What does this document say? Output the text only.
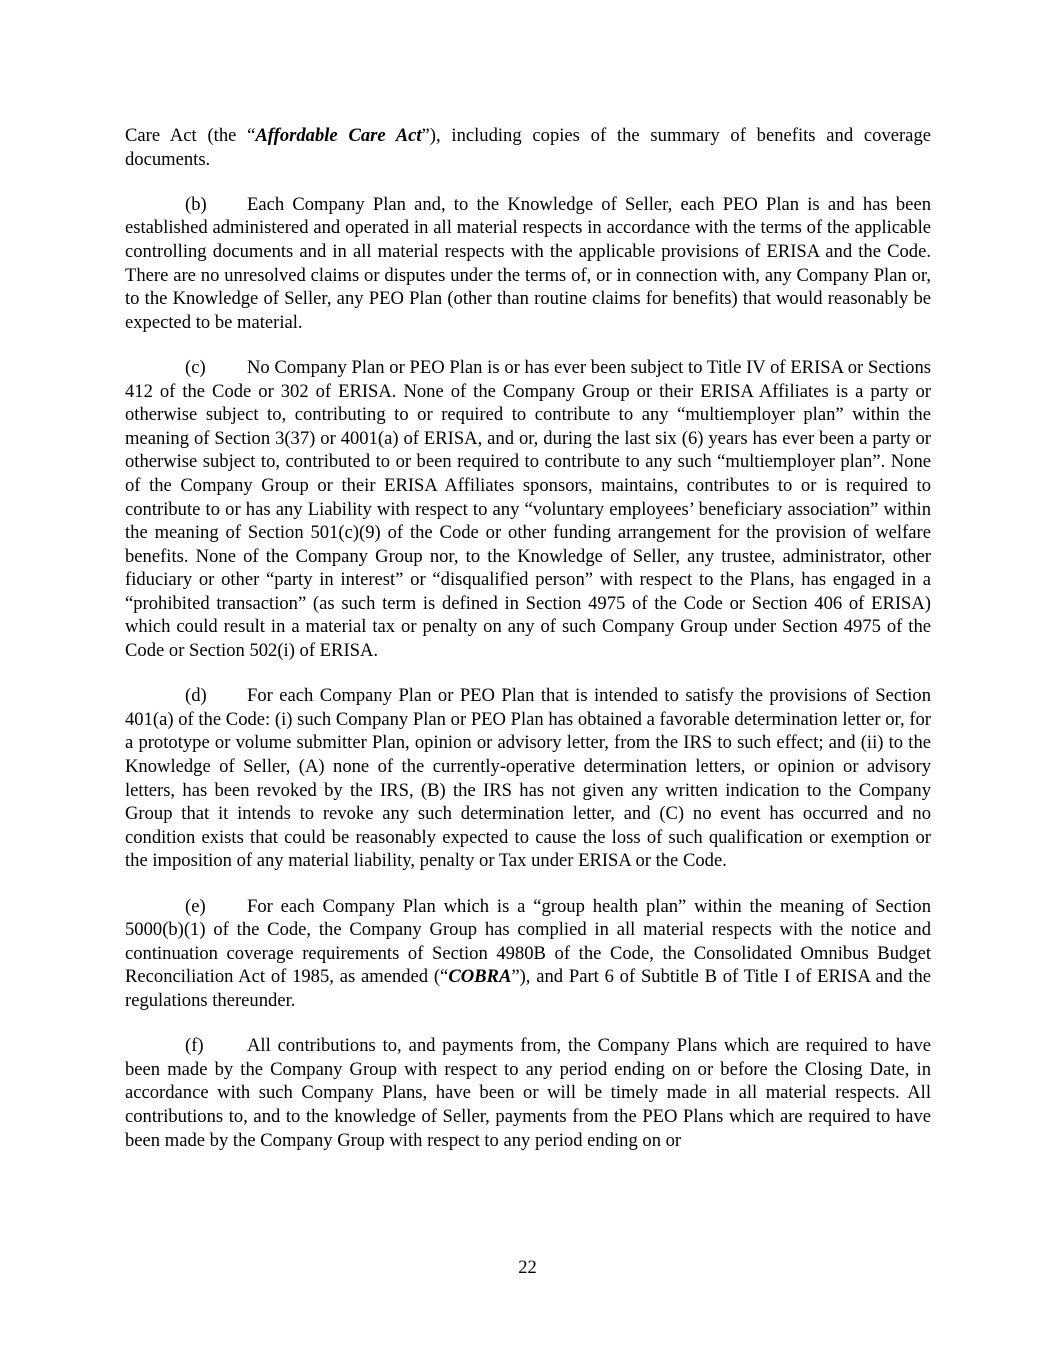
Care Act (the “Affordable Care Act”), including copies of the summary of benefits and coverage documents.

(b) Each Company Plan and, to the Knowledge of Seller, each PEO Plan is and has been established administered and operated in all material respects in accordance with the terms of the applicable controlling documents and in all material respects with the applicable provisions of ERISA and the Code. There are no unresolved claims or disputes under the terms of, or in connection with, any Company Plan or, to the Knowledge of Seller, any PEO Plan (other than routine claims for benefits) that would reasonably be expected to be material.

(c) No Company Plan or PEO Plan is or has ever been subject to Title IV of ERISA or Sections 412 of the Code or 302 of ERISA. None of the Company Group or their ERISA Affiliates is a party or otherwise subject to, contributing to or required to contribute to any “multiemployer plan” within the meaning of Section 3(37) or 4001(a) of ERISA, and or, during the last six (6) years has ever been a party or otherwise subject to, contributed to or been required to contribute to any such “multiemployer plan”. None of the Company Group or their ERISA Affiliates sponsors, maintains, contributes to or is required to contribute to or has any Liability with respect to any “voluntary employees’ beneficiary association” within the meaning of Section 501(c)(9) of the Code or other funding arrangement for the provision of welfare benefits. None of the Company Group nor, to the Knowledge of Seller, any trustee, administrator, other fiduciary or other “party in interest” or “disqualified person” with respect to the Plans, has engaged in a “prohibited transaction” (as such term is defined in Section 4975 of the Code or Section 406 of ERISA) which could result in a material tax or penalty on any of such Company Group under Section 4975 of the Code or Section 502(i) of ERISA.

(d) For each Company Plan or PEO Plan that is intended to satisfy the provisions of Section 401(a) of the Code: (i) such Company Plan or PEO Plan has obtained a favorable determination letter or, for a prototype or volume submitter Plan, opinion or advisory letter, from the IRS to such effect; and (ii) to the Knowledge of Seller, (A) none of the currently-operative determination letters, or opinion or advisory letters, has been revoked by the IRS, (B) the IRS has not given any written indication to the Company Group that it intends to revoke any such determination letter, and (C) no event has occurred and no condition exists that could be reasonably expected to cause the loss of such qualification or exemption or the imposition of any material liability, penalty or Tax under ERISA or the Code.

(e) For each Company Plan which is a “group health plan” within the meaning of Section 5000(b)(1) of the Code, the Company Group has complied in all material respects with the notice and continuation coverage requirements of Section 4980B of the Code, the Consolidated Omnibus Budget Reconciliation Act of 1985, as amended (“COBRA”), and Part 6 of Subtitle B of Title I of ERISA and the regulations thereunder.

(f) All contributions to, and payments from, the Company Plans which are required to have been made by the Company Group with respect to any period ending on or before the Closing Date, in accordance with such Company Plans, have been or will be timely made in all material respects. All contributions to, and to the knowledge of Seller, payments from the PEO Plans which are required to have been made by the Company Group with respect to any period ending on or

22
